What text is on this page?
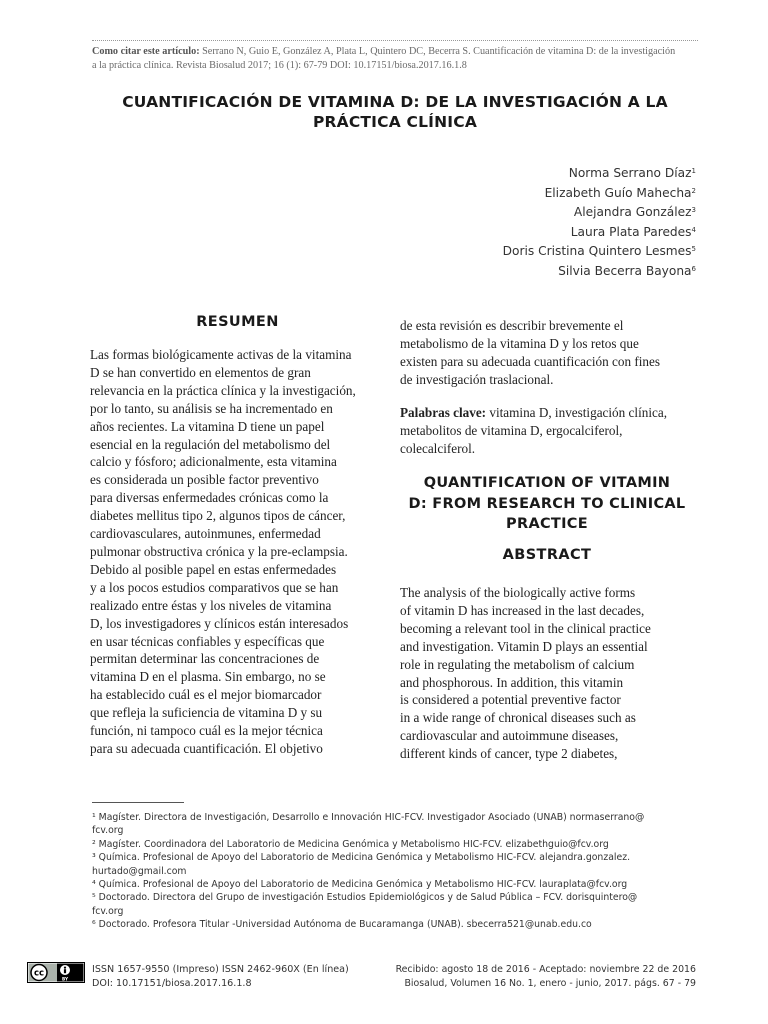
Como citar este artículo: Serrano N, Guio E, González A, Plata L, Quintero DC, Becerra S. Cuantificación de vitamina D: de la investigación
a la práctica clínica. Revista Biosalud 2017; 16 (1): 67-79 DOI: 10.17151/biosa.2017.16.1.8
CUANTIFICACIÓN DE VITAMINA D: DE LA INVESTIGACIÓN A LA
PRÁCTICA CLÍNICA
Norma Serrano Díaz$^1$
Elizabeth Guío Mahecha$^2$
Alejandra González$^3$
Laura Plata Paredes$^4$
Doris Cristina Quintero Lesmes$^5$
Silvia Becerra Bayona$^6$
RESUMEN
Las formas biológicamente activas de la vitamina
D se han convertido en elementos de gran
relevancia en la práctica clínica y la investigación,
por lo tanto, su análisis se ha incrementado en
años recientes. La vitamina D tiene un papel
esencial en la regulación del metabolismo del
calcio y fósforo; adicionalmente, esta vitamina
es considerada un posible factor preventivo
para diversas enfermedades crónicas como la
diabetes mellitus tipo 2, algunos tipos de cáncer,
cardiovasculares, autoinmunes, enfermedad
pulmonar obstructiva crónica y la pre-eclampsia.
Debido al posible papel en estas enfermedades
y a los pocos estudios comparativos que se han
realizado entre éstas y los niveles de vitamina
D, los investigadores y clínicos están interesados
en usar técnicas confiables y específicas que
permitan determinar las concentraciones de
vitamina D en el plasma. Sin embargo, no se
ha establecido cuál es el mejor biomarcador
que refleja la suficiencia de vitamina D y su
función, ni tampoco cuál es la mejor técnica
para su adecuada cuantificación. El objetivo
de esta revisión es describir brevemente el
metabolismo de la vitamina D y los retos que
existen para su adecuada cuantificación con fines
de investigación traslacional.
Palabras clave: vitamina D, investigación clínica,
metabolitos de vitamina D, ergocalciferol,
colecalciferol.
QUANTIFICATION OF VITAMIN
D: FROM RESEARCH TO CLINICAL
PRACTICE
ABSTRACT
The analysis of the biologically active forms
of vitamin D has increased in the last decades,
becoming a relevant tool in the clinical practice
and investigation. Vitamin D plays an essential
role in regulating the metabolism of calcium
and phosphorous. In addition, this vitamin
is considered a potential preventive factor
in a wide range of chronical diseases such as
cardiovascular and autoimmune diseases,
different kinds of cancer, type 2 diabetes,
¹ Magíster. Directora de Investigación, Desarrollo e Innovación HIC-FCV. Investigador Asociado (UNAB) normaserrano@
fcv.org
² Magíster. Coordinadora del Laboratorio de Medicina Genómica y Metabolismo HIC-FCV. elizabethguio@fcv.org
³ Química. Profesional de Apoyo del Laboratorio de Medicina Genómica y Metabolismo HIC-FCV. alejandra.gonzalez.
hurtado@gmail.com
⁴ Química. Profesional de Apoyo del Laboratorio de Medicina Genómica y Metabolismo HIC-FCV. lauraplata@fcv.org
⁵ Doctorado. Directora del Grupo de investigación Estudios Epidemiológicos y de Salud Pública – FCV. dorisquintero@
fcv.org
⁶ Doctorado. Profesora Titular -Universidad Autónoma de Bucaramanga (UNAB). sbecerra521@unab.edu.co
cc
BY
ISSN 1657-9550 (Impreso) ISSN 2462-960X (En línea)
DOI: 10.17151/biosa.2017.16.1.8
Recibido: agosto 18 de 2016 - Aceptado: noviembre 22 de 2016
Biosalud, Volumen 16 No. 1, enero - junio, 2017. págs. 67 - 79
